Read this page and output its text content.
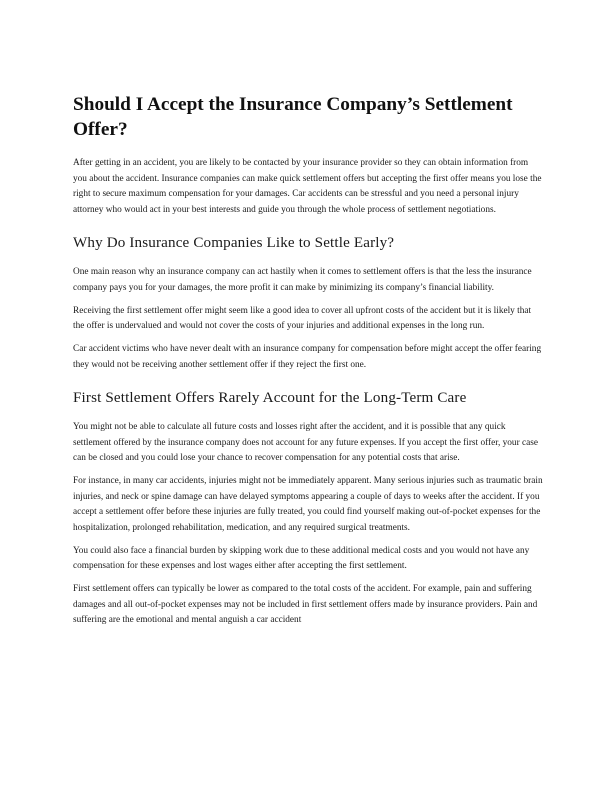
Should I Accept the Insurance Company’s Settlement Offer?

After getting in an accident, you are likely to be contacted by your insurance provider so they can obtain information from you about the accident. Insurance companies can make quick settlement offers but accepting the first offer means you lose the right to secure maximum compensation for your damages. Car accidents can be stressful and you need a personal injury attorney who would act in your best interests and guide you through the whole process of settlement negotiations.

Why Do Insurance Companies Like to Settle Early?

One main reason why an insurance company can act hastily when it comes to settlement offers is that the less the insurance company pays you for your damages, the more profit it can make by minimizing its company’s financial liability.

Receiving the first settlement offer might seem like a good idea to cover all upfront costs of the accident but it is likely that the offer is undervalued and would not cover the costs of your injuries and additional expenses in the long run.

Car accident victims who have never dealt with an insurance company for compensation before might accept the offer fearing they would not be receiving another settlement offer if they reject the first one.

First Settlement Offers Rarely Account for the Long-Term Care

You might not be able to calculate all future costs and losses right after the accident, and it is possible that any quick settlement offered by the insurance company does not account for any future expenses. If you accept the first offer, your case can be closed and you could lose your chance to recover compensation for any potential costs that arise.

For instance, in many car accidents, injuries might not be immediately apparent. Many serious injuries such as traumatic brain injuries, and neck or spine damage can have delayed symptoms appearing a couple of days to weeks after the accident. If you accept a settlement offer before these injuries are fully treated, you could find yourself making out-of-pocket expenses for the hospitalization, prolonged rehabilitation, medication, and any required surgical treatments.

You could also face a financial burden by skipping work due to these additional medical costs and you would not have any compensation for these expenses and lost wages either after accepting the first settlement.

First settlement offers can typically be lower as compared to the total costs of the accident. For example, pain and suffering damages and all out-of-pocket expenses may not be included in first settlement offers made by insurance providers. Pain and suffering are the emotional and mental anguish a car accident
